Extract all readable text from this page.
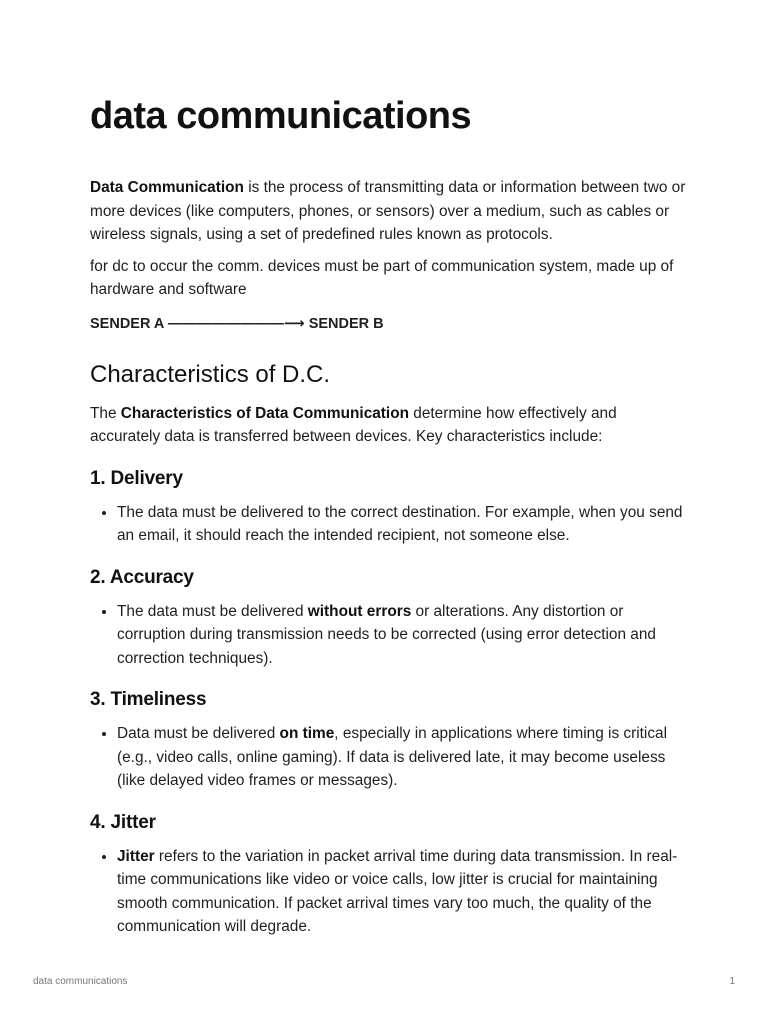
data communications

Data Communication is the process of transmitting data or information between two or more devices (like computers, phones, or sensors) over a medium, such as cables or wireless signals, using a set of predefined rules known as protocols.

for dc to occur the comm. devices must be part of communication system, made up of hardware and software

SENDER A ————————⟶ SENDER B
Characteristics of D.C.

The Characteristics of Data Communication determine how effectively and accurately data is transferred between devices. Key characteristics include:

1. Delivery
• The data must be delivered to the correct destination. For example, when you send an email, it should reach the intended recipient, not someone else.
2. Accuracy
• The data must be delivered without errors or alterations. Any distortion or corruption during transmission needs to be corrected (using error detection and correction techniques).
3. Timeliness
• Data must be delivered on time, especially in applications where timing is critical (e.g., video calls, online gaming). If data is delivered late, it may become useless (like delayed video frames or messages).
4. Jitter
• Jitter refers to the variation in packet arrival time during data transmission. In real-time communications like video or voice calls, low jitter is crucial for maintaining smooth communication. If packet arrival times vary too much, the quality of the communication will degrade.
data communications	1
